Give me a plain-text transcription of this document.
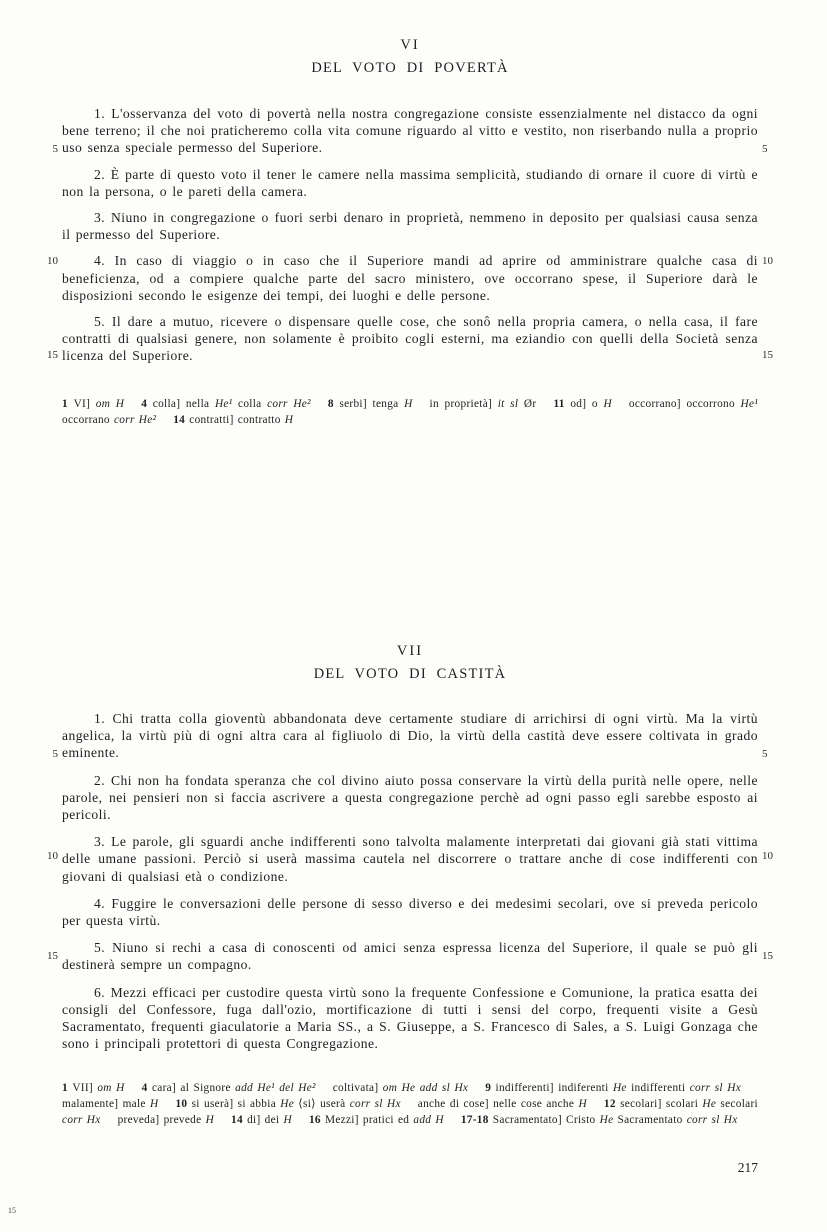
VI
DEL VOTO DI POVERTÀ

1. L'osservanza del voto di povertà nella nostra congregazione consiste essenzialmente nel distacco da ogni bene terreno; il che noi praticheremo colla vita comune riguardo al vitto e vestito, non riserbando nulla a proprio uso senza speciale permesso del Superiore.

2. È parte di questo voto il tener le camere nella massima semplicità, studiando di ornare il cuore di virtù e non la persona, o le pareti della camera.

3. Niuno in congregazione o fuori serbi denaro in proprietà, nemmeno in deposito per qualsiasi causa senza il permesso del Superiore.

4. In caso di viaggio o in caso che il Superiore mandi ad aprire od amministrare qualche casa di beneficienza, od a compiere qualche parte del sacro ministero, ove occorrano spese, il Superiore darà le disposizioni secondo le esigenze dei tempi, dei luoghi e delle persone.

5. Il dare a mutuo, ricevere o dispensare quelle cose, che sonô nella propria camera, o nella casa, il fare contratti di qualsiasi genere, non solamente è proibito cogli esterni, ma eziandio con quelli della Società senza licenza del Superiore.

1 VI] om H 4 colla] nella He¹ colla corr He² 8 serbi] tenga H in proprietà] it sl Ør 11 od] o H occorrano] occorrono He¹ occorrano corr He² 14 contratti] contratto H
5
10
15
5
10
15
VII
DEL VOTO DI CASTITÀ

1. Chi tratta colla gioventù abbandonata deve certamente studiare di arrichirsi di ogni virtù. Ma la virtù angelica, la virtù più di ogni altra cara al figliuolo di Dio, la virtù della castità deve essere coltivata in grado eminente.

2. Chi non ha fondata speranza che col divino aiuto possa conservare la virtù della purità nelle opere, nelle parole, nei pensieri non si faccia ascrivere a questa congregazione perchè ad ogni passo egli sarebbe esposto ai pericoli.

3. Le parole, gli sguardi anche indifferenti sono talvolta malamente interpretati dai giovani già stati vittima delle umane passioni. Perciò si userà massima cautela nel discorrere o trattare anche di cose indifferenti con giovani di qualsiasi età o condizione.

4. Fuggire le conversazioni delle persone di sesso diverso e dei medesimi secolari, ove si preveda pericolo per questa virtù.

5. Niuno si rechi a casa di conoscenti od amici senza espressa licenza del Superiore, il quale se può gli destinerà sempre un compagno.

6. Mezzi efficaci per custodire questa virtù sono la frequente Confessione e Comunione, la pratica esatta dei consigli del Confessore, fuga dall'ozio, mortificazione di tutti i sensi del corpo, frequenti visite a Gesù Sacramentato, frequenti giaculatorie a Maria SS., a S. Giuseppe, a S. Francesco di Sales, a S. Luigi Gonzaga che sono i principali protettori di questa Congregazione.

1 VII] om H 4 cara] al Signore add He¹ del He² coltivata] om He add sl Hx 9 indifferenti] indiferenti He indifferenti corr sl Hxmalamente] male H 10 si userà] si abbia He ⟨si⟩ userà corr sl Hx anche di cose] nelle cose anche H 12 secolari] scolari He secolari corr Hx preveda] prevede H 14 di] dei H 16 Mezzi] pratici ed add H 17-18 Sacramentato] Cristo He Sacramentato corr sl Hx
5
10
15
5
10
15
217
15
